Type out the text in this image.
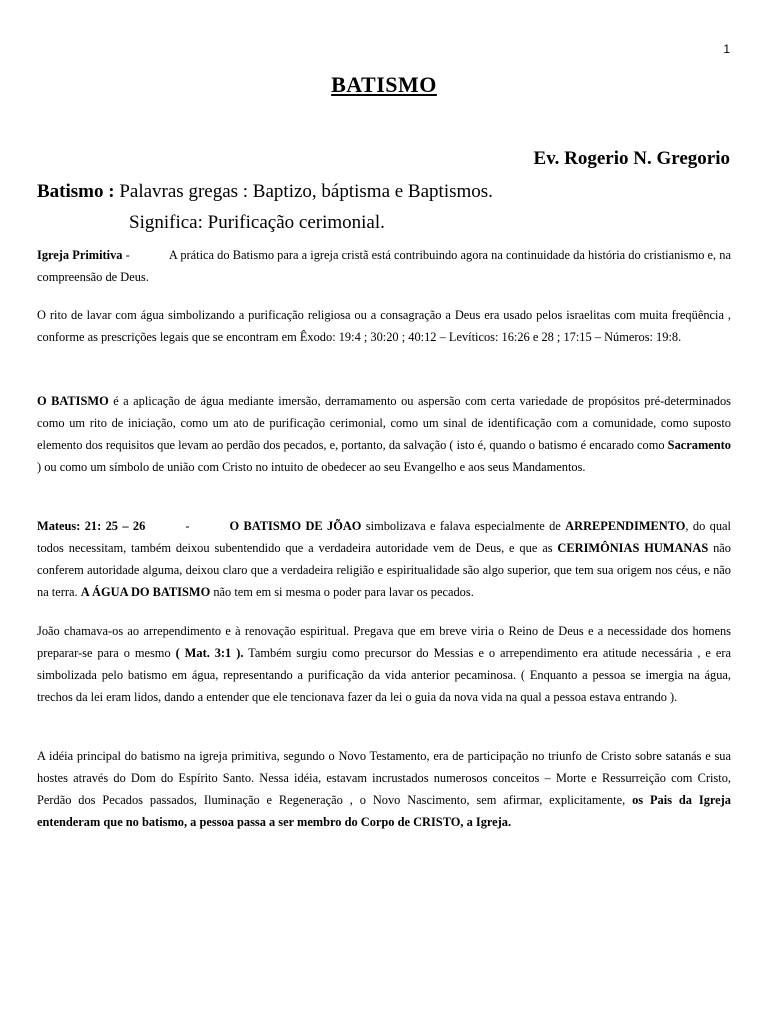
1
BATISMO
Ev. Rogerio N. Gregorio
Batismo : Palavras gregas : Baptizo, báptisma e Baptismos.
Significa: Purificação cerimonial.
Igreja Primitiva -	A prática do Batismo para a igreja cristã está contribuindo agora na continuidade da história do cristianismo e, na compreensão de Deus.
O rito de lavar com água simbolizando a purificação religiosa ou a consagração a Deus era usado pelos israelitas com muita freqüência , conforme as prescrições legais que se encontram em Êxodo: 19:4 ; 30:20 ; 40:12 – Levíticos: 16:26 e 28 ; 17:15 – Números: 19:8.
O BATISMO é a aplicação de água mediante imersão, derramamento ou aspersão com certa variedade de propósitos pré-determinados como um rito de iniciação, como um ato de purificação cerimonial, como um sinal de identificação com a comunidade, como suposto elemento dos requisitos que levam ao perdão dos pecados, e, portanto, da salvação ( isto é, quando o batismo é encarado como Sacramento ) ou como um símbolo de união com Cristo no intuito de obedecer ao seu Evangelho e aos seus Mandamentos.
Mateus: 21: 25 – 26	-	O BATISMO DE JÕAO simbolizava e falava especialmente de ARREPENDIMENTO, do qual todos necessitam, também deixou subentendido que a verdadeira autoridade vem de Deus, e que as CERIMÔNIAS HUMANAS não conferem autoridade alguma, deixou claro que a verdadeira religião e espiritualidade são algo superior, que tem sua origem nos céus, e não na terra. A ÁGUA DO BATISMO não tem em si mesma o poder para lavar os pecados.
João chamava-os ao arrependimento e à renovação espiritual. Pregava que em breve viria o Reino de Deus e a necessidade dos homens preparar-se para o mesmo ( Mat. 3:1 ). Também surgiu como precursor do Messias e o arrependimento era atitude necessária , e era simbolizada pelo batismo em água, representando a purificação da vida anterior pecaminosa. ( Enquanto a pessoa se imergia na água, trechos da lei eram lidos, dando a entender que ele tencionava fazer da lei o guia da nova vida na qual a pessoa estava entrando ).
A idéia principal do batismo na igreja primitiva, segundo o Novo Testamento, era de participação no triunfo de Cristo sobre satanás e sua hostes através do Dom do Espírito Santo. Nessa idéia, estavam incrustados numerosos conceitos – Morte e Ressurreição com Cristo, Perdão dos Pecados passados, Iluminação e Regeneração , o Novo Nascimento, sem afirmar, explicitamente, os Pais da Igreja entenderam que no batismo, a pessoa passa a ser membro do Corpo de CRISTO, a Igreja.
